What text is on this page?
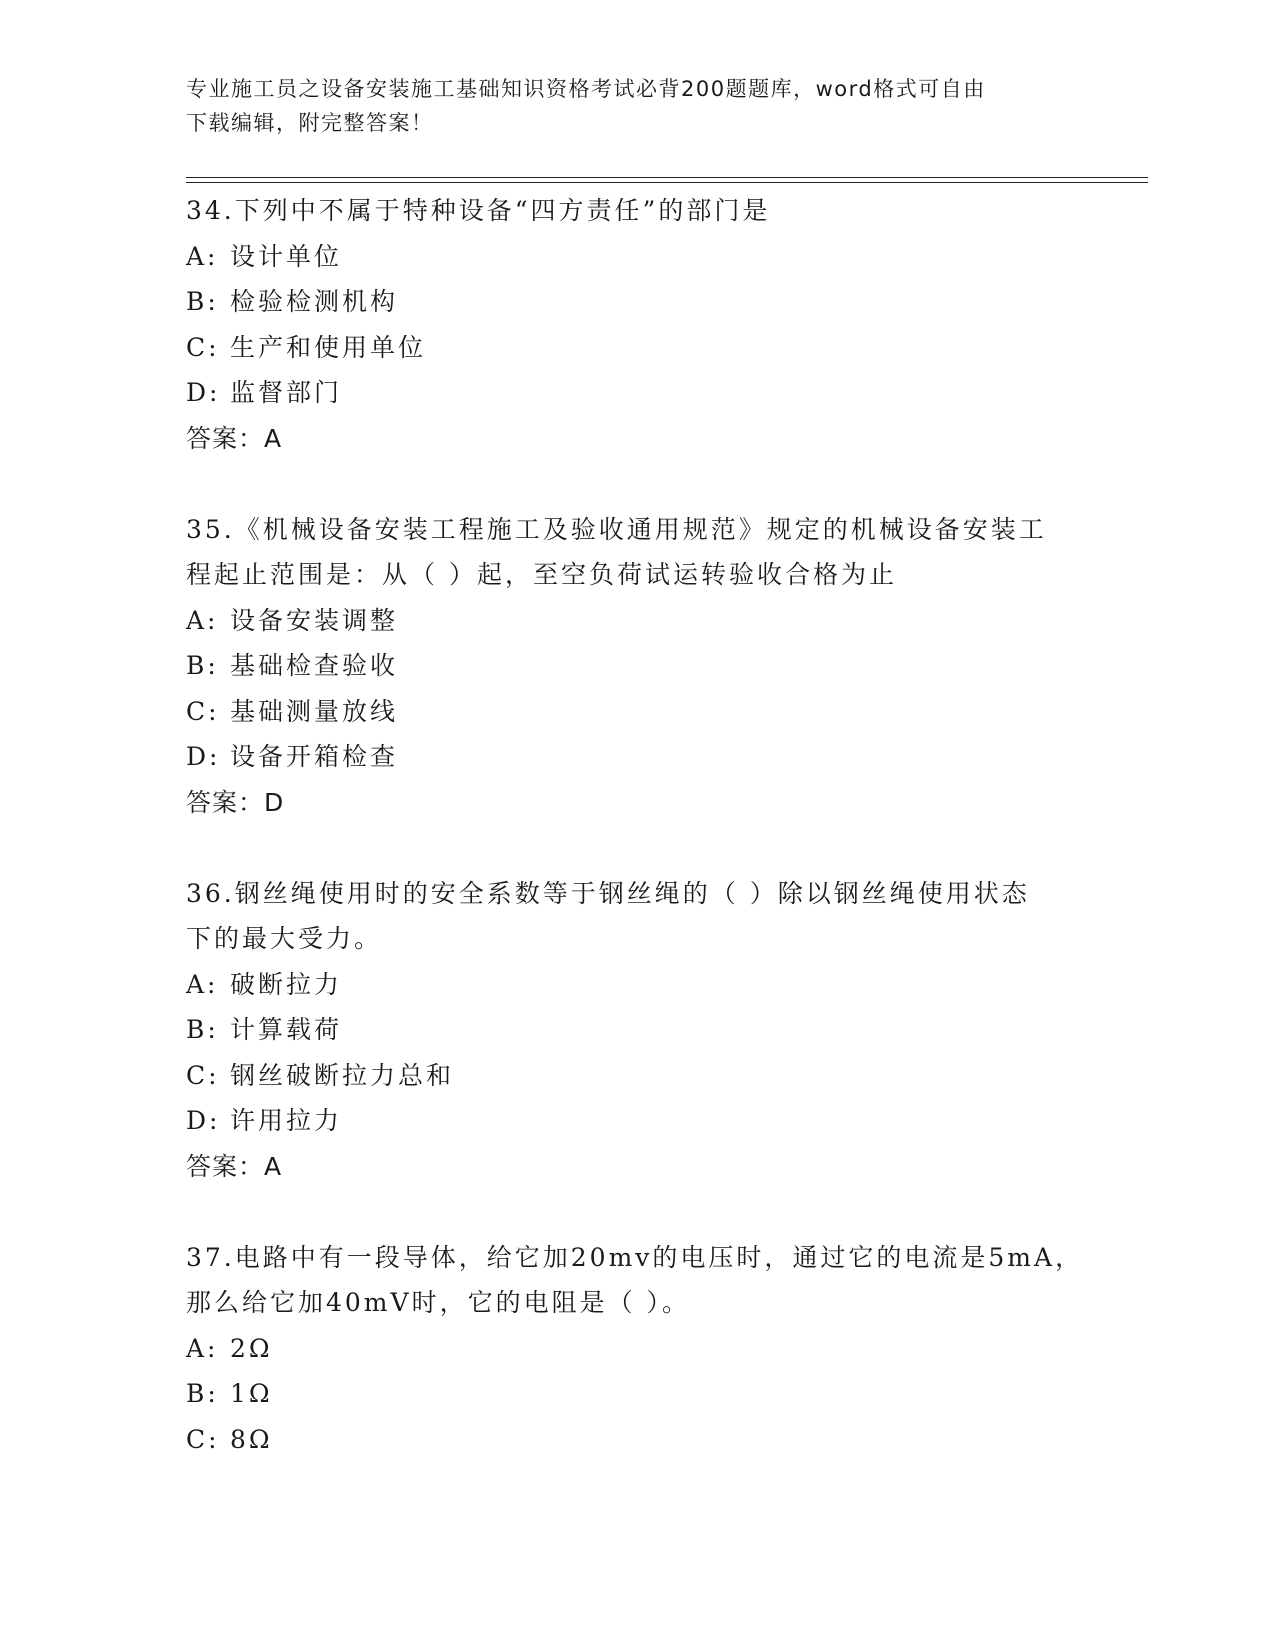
专业施工员之设备安装施工基础知识资格考试必背200题题库，word格式可自由
下载编辑，附完整答案！
34.下列中不属于特种设备“四方责任”的部门是
A: 设计单位
B: 检验检测机构
C: 生产和使用单位
D: 监督部门
答案：A
35.《机械设备安装工程施工及验收通用规范》规定的机械设备安装工
程起止范围是：从（ ）起，至空负荷试运转验收合格为止
A: 设备安装调整
B: 基础检查验收
C: 基础测量放线
D: 设备开箱检查
答案：D
36.钢丝绳使用时的安全系数等于钢丝绳的（ ）除以钢丝绳使用状态
下的最大受力。
A: 破断拉力
B: 计算载荷
C: 钢丝破断拉力总和
D: 许用拉力
答案：A
37.电路中有一段导体，给它加20mv的电压时，通过它的电流是5mA，
那么给它加40mV时，它的电阻是（ ）。
A: 2Ω
B: 1Ω
C: 8Ω
